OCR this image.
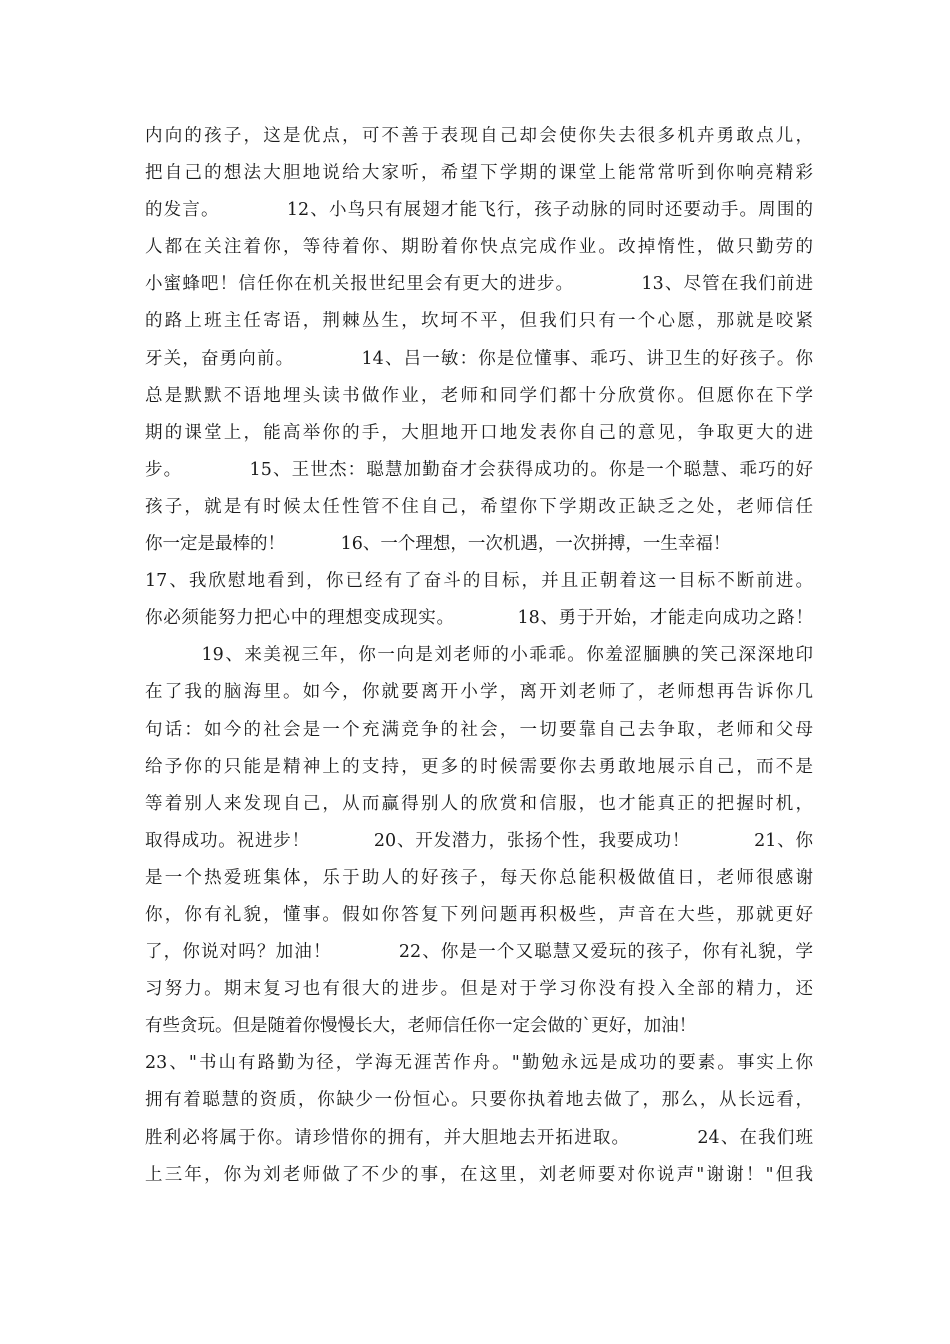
内向的孩子，这是优点，可不善于表现自己却会使你失去很多机卉勇敢点儿，
把自己的想法大胆地说给大家听，希望下学期的课堂上能常常听到你响亮精彩
的发言。          12、小鸟只有展翅才能飞行，孩子动脉的同时还要动手。周围的
人都在关注着你，等待着你、期盼着你快点完成作业。改掉惰性，做只勤劳的
小蜜蜂吧！信任你在机关报世纪里会有更大的进步。          13、尽管在我们前进
的路上班主任寄语，荆棘丛生，坎坷不平，但我们只有一个心愿，那就是咬紧
牙关，奋勇向前。          14、吕一敏：你是位懂事、乖巧、讲卫生的好孩子。你
总是默默不语地埋头读书做作业，老师和同学们都十分欣赏你。但愿你在下学
期的课堂上，能高举你的手，大胆地开口地发表你自己的意见，争取更大的进
步。          15、王世杰：聪慧加勤奋才会获得成功的。你是一个聪慧、乖巧的好
孩子，就是有时候太任性管不住自己，希望你下学期改正缺乏之处，老师信任
你一定是最棒的！          16、一个理想，一次机遇，一次拼搏，一生幸福！
17、我欣慰地看到，你已经有了奋斗的目标，并且正朝着这一目标不断前进。
你必须能努力把心中的理想变成现实。          18、勇于开始，才能走向成功之路！
19、来美视三年，你一向是刘老师的小乖乖。你羞涩腼腆的笑己深深地印
在了我的脑海里。如今，你就要离开小学，离开刘老师了，老师想再告诉你几
句话：如今的社会是一个充满竞争的社会，一切要靠自己去争取，老师和父母
给予你的只能是精神上的支持，更多的时候需要你去勇敢地展示自己，而不是
等着别人来发现自己，从而赢得别人的欣赏和信服，也才能真正的把握时机，
取得成功。祝进步！          20、开发潜力，张扬个性，我要成功！          21、你
是一个热爱班集体，乐于助人的好孩子，每天你总能积极做值日，老师很感谢
你，你有礼貌，懂事。假如你答复下列问题再积极些，声音在大些，那就更好
了，你说对吗？加油！          22、你是一个又聪慧又爱玩的孩子，你有礼貌，学
习努力。期末复习也有很大的进步。但是对于学习你没有投入全部的精力，还
有些贪玩。但是随着你慢慢长大，老师信任你一定会做的`更好，加油！
23、"书山有路勤为径，学海无涯苦作舟。"勤勉永远是成功的要素。事实上你
拥有着聪慧的资质，你缺少一份恒心。只要你执着地去做了，那么，从长远看，
胜利必将属于你。请珍惜你的拥有，并大胆地去开拓进取。          24、在我们班
上三年，你为刘老师做了不少的事，在这里，刘老师要对你说声"谢谢！"但我
